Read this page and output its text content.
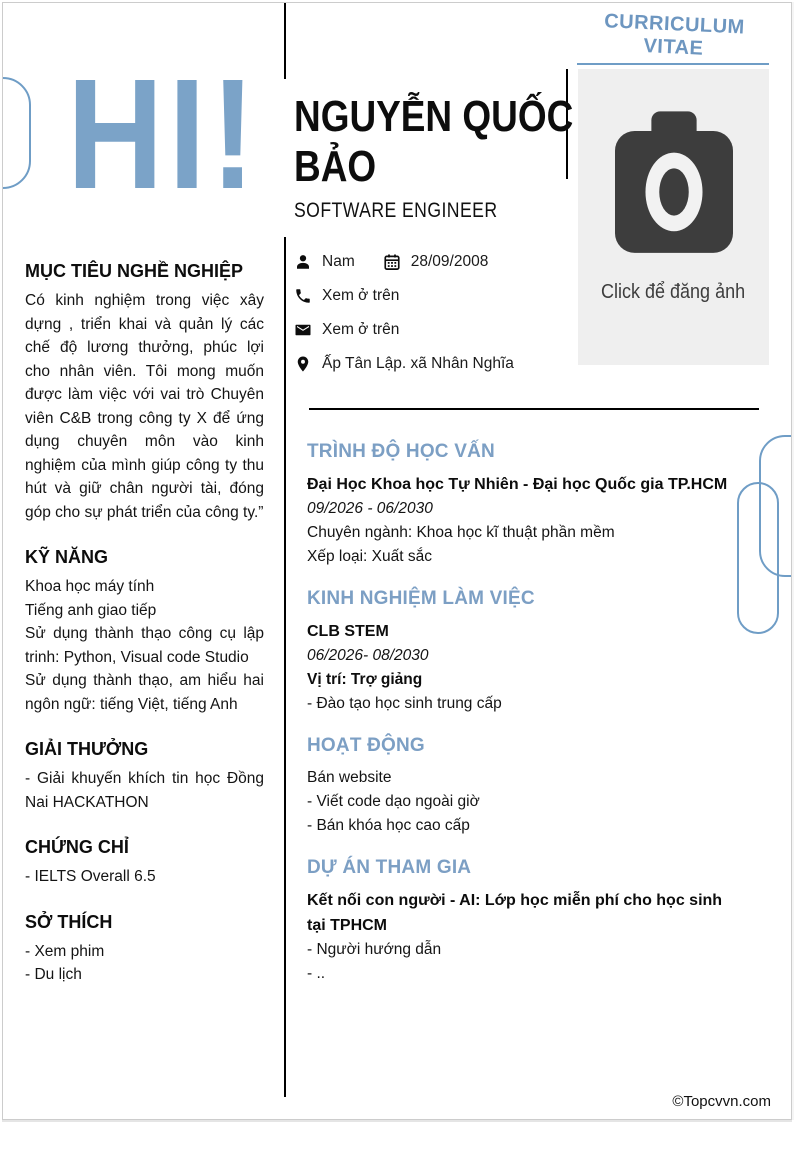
CURRICULUM VITAE
HI! NGUYỄN QUỐC BẢO
SOFTWARE ENGINEER
Click để đăng ảnh
Nam	28/09/2008
Xem ở trên
Xem ở trên
Ấp Tân Lập. xã Nhân Nghĩa
MỤC TIÊU NGHỀ NGHIỆP

Có kinh nghiệm trong việc xây dựng , triển khai và quản lý các chế độ lương thưởng, phúc lợi cho nhân viên. Tôi mong muốn được làm việc với vai trò Chuyên viên C&B trong công ty X để ứng dụng chuyên môn vào kinh nghiệm của mình giúp công ty thu hút và giữ chân người tài, đóng góp cho sự phát triển của công ty.”

KỸ NĂNG
Khoa học máy tính
Tiếng anh giao tiếp
Sử dụng thành thạo công cụ lập trinh: Python, Visual code Studio
Sử dụng thành thạo, am hiểu hai ngôn ngữ: tiếng Việt, tiếng Anh
GIẢI THƯỞNG
- Giải khuyến khích tin học Đồng Nai HACKATHON
CHỨNG CHỈ
- IELTS Overall 6.5
SỞ THÍCH
- Xem phim
- Du lịch
TRÌNH ĐỘ HỌC VẤN
Đại Học Khoa học Tự Nhiên - Đại học Quốc gia TP.HCM
09/2026 - 06/2030
Chuyên ngành: Khoa học kĩ thuật phần mềm
Xếp loại: Xuất sắc
KINH NGHIỆM LÀM VIỆC
CLB STEM
06/2026- 08/2030
Vị trí: Trợ giảng
- Đào tạo học sinh trung cấp
HOẠT ĐỘNG
Bán website
- Viết code dạo ngoài giờ
- Bán khóa học cao cấp
DỰ ÁN THAM GIA
Kết nối con người - AI: Lớp học miễn phí cho học sinh tại TPHCM
- Người hướng dẫn
- ..
©Topcvvn.com
